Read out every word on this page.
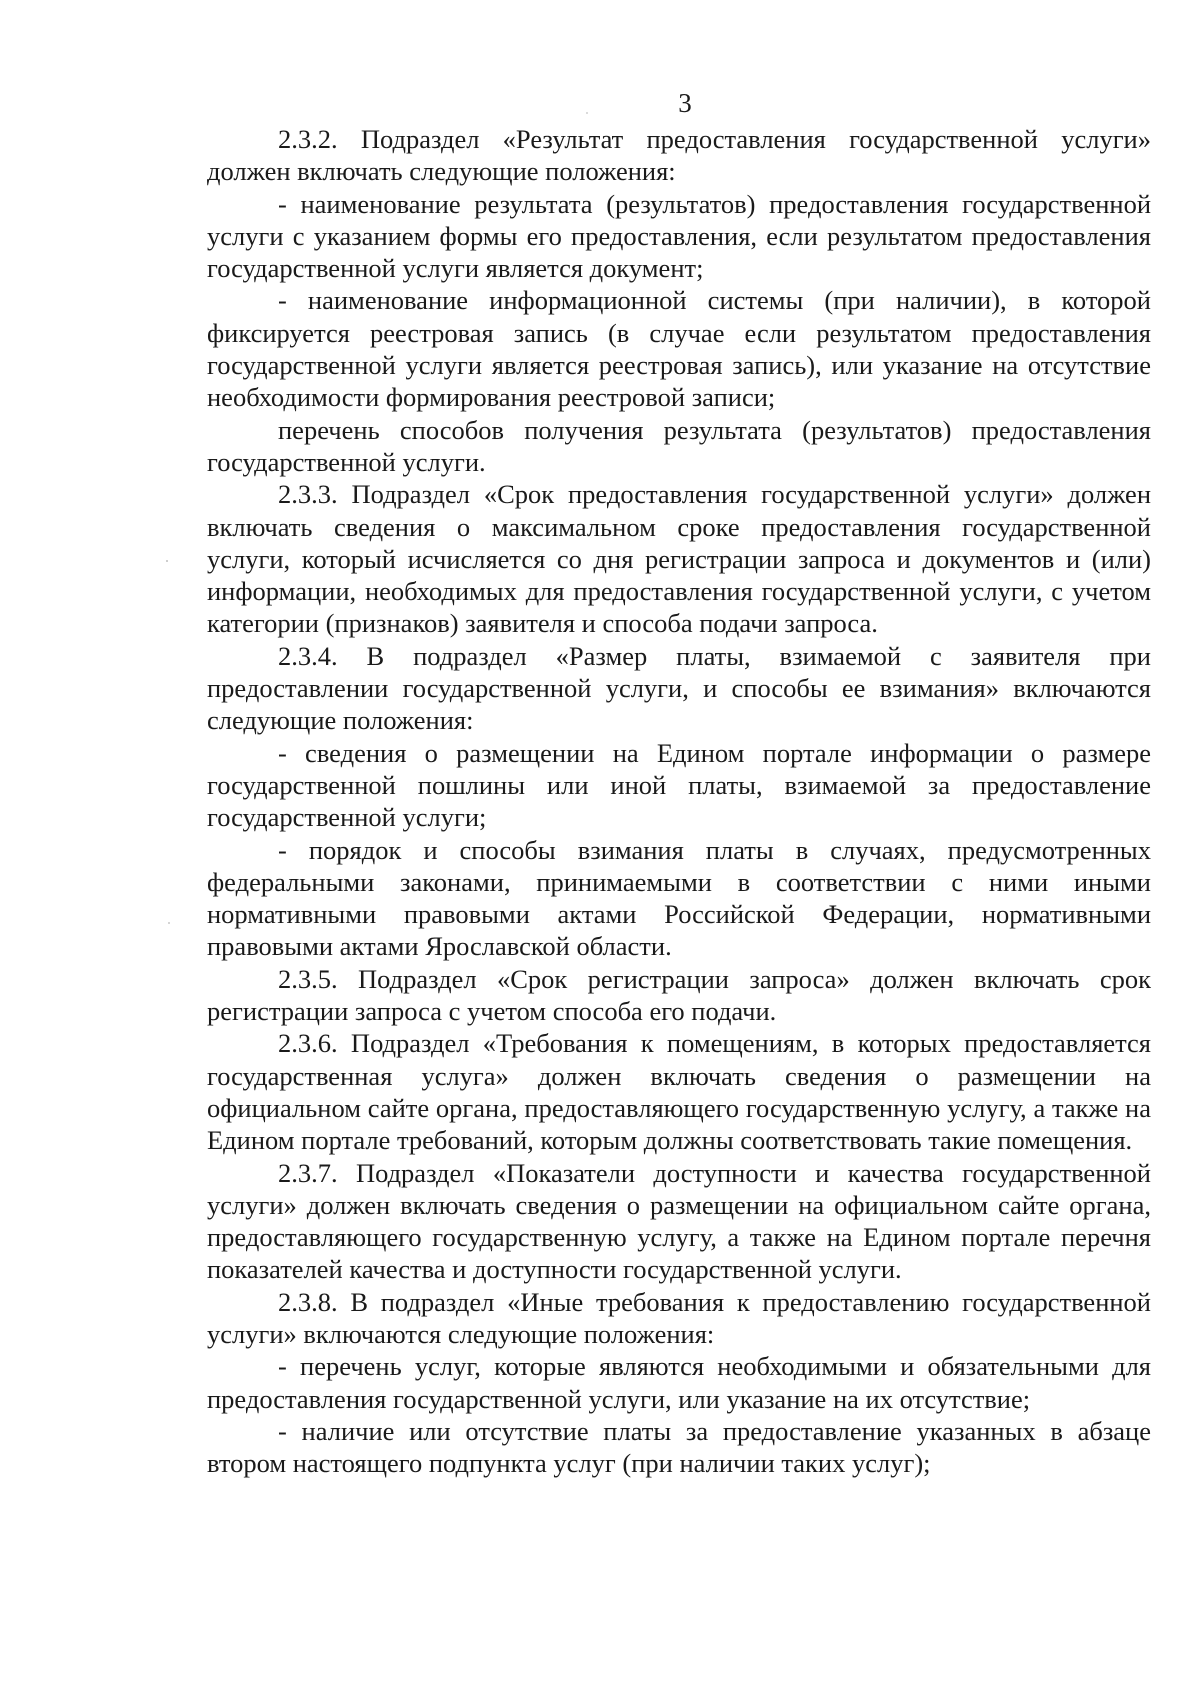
3

2.3.2. Подраздел «Результат предоставления государственной услуги» должен включать следующие положения:

- наименование результата (результатов) предоставления государственной услуги с указанием формы его предоставления, если результатом предоставления государственной услуги является документ;

- наименование информационной системы (при наличии), в которой фиксируется реестровая запись (в случае если результатом предоставления государственной услуги является реестровая запись), или указание на отсутствие необходимости формирования реестровой записи;

перечень способов получения результата (результатов) предоставления государственной услуги.

2.3.3. Подраздел «Срок предоставления государственной услуги» должен включать сведения о максимальном сроке предоставления государственной услуги, который исчисляется со дня регистрации запроса и документов и (или) информации, необходимых для предоставления государственной услуги, с учетом категории (признаков) заявителя и способа подачи запроса.

2.3.4. В подраздел «Размер платы, взимаемой с заявителя при предоставлении государственной услуги, и способы ее взимания» включаются следующие положения:

- сведения о размещении на Едином портале информации о размере государственной пошлины или иной платы, взимаемой за предоставление государственной услуги;

- порядок и способы взимания платы в случаях, предусмотренных федеральными законами, принимаемыми в соответствии с ними иными нормативными правовыми актами Российской Федерации, нормативными правовыми актами Ярославской области.

2.3.5. Подраздел «Срок регистрации запроса» должен включать срок регистрации запроса с учетом способа его подачи.

2.3.6. Подраздел «Требования к помещениям, в которых предоставляется государственная услуга» должен включать сведения о размещении на официальном сайте органа, предоставляющего государственную услугу, а также на Едином портале требований, которым должны соответствовать такие помещения.

2.3.7. Подраздел «Показатели доступности и качества государственной услуги» должен включать сведения о размещении на официальном сайте органа, предоставляющего государственную услугу, а также на Едином портале перечня показателей качества и доступности государственной услуги.

2.3.8. В подраздел «Иные требования к предоставлению государственной услуги» включаются следующие положения:

- перечень услуг, которые являются необходимыми и обязательными для предоставления государственной услуги, или указание на их отсутствие;

- наличие или отсутствие платы за предоставление указанных в абзаце втором настоящего подпункта услуг (при наличии таких услуг);
